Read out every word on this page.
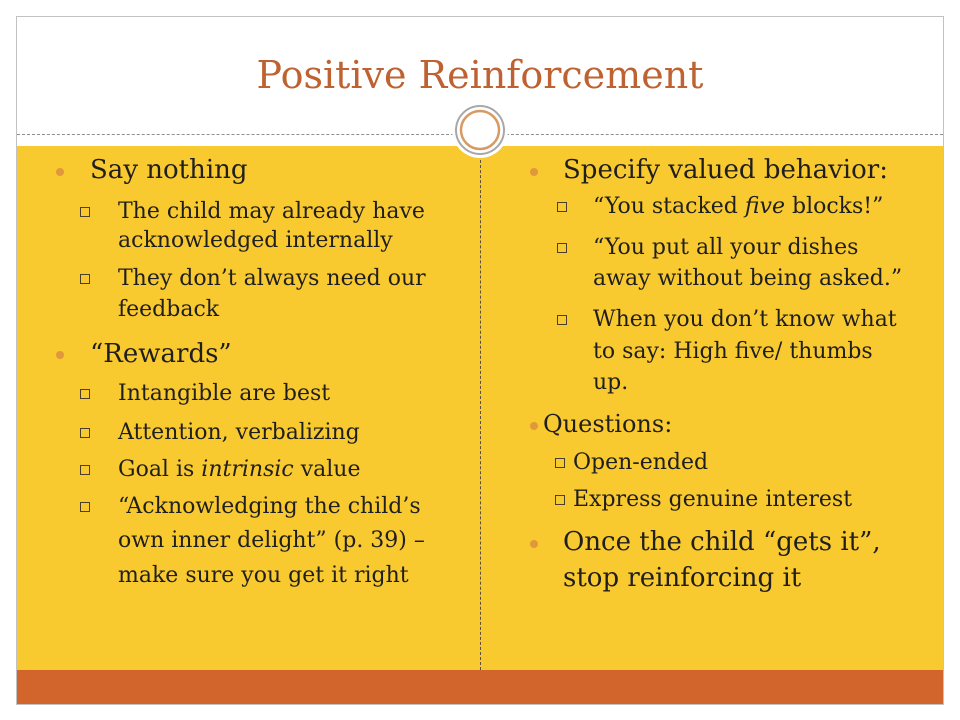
Positive Reinforcement
Say nothing
The child may already have
acknowledged internally
They don’t always need our
feedback
“Rewards”
Intangible are best
Attention, verbalizing
Goal is intrinsic value
“Acknowledging the child’s
own inner delight” (p. 39) –
make sure you get it right
Specify valued behavior:
“You stacked five blocks!”
“You put all your dishes
away without being asked.”
When you don’t know what
to say: High five/ thumbs
up.
Questions:
Open-ended
Express genuine interest
Once the child “gets it”,
stop reinforcing it
